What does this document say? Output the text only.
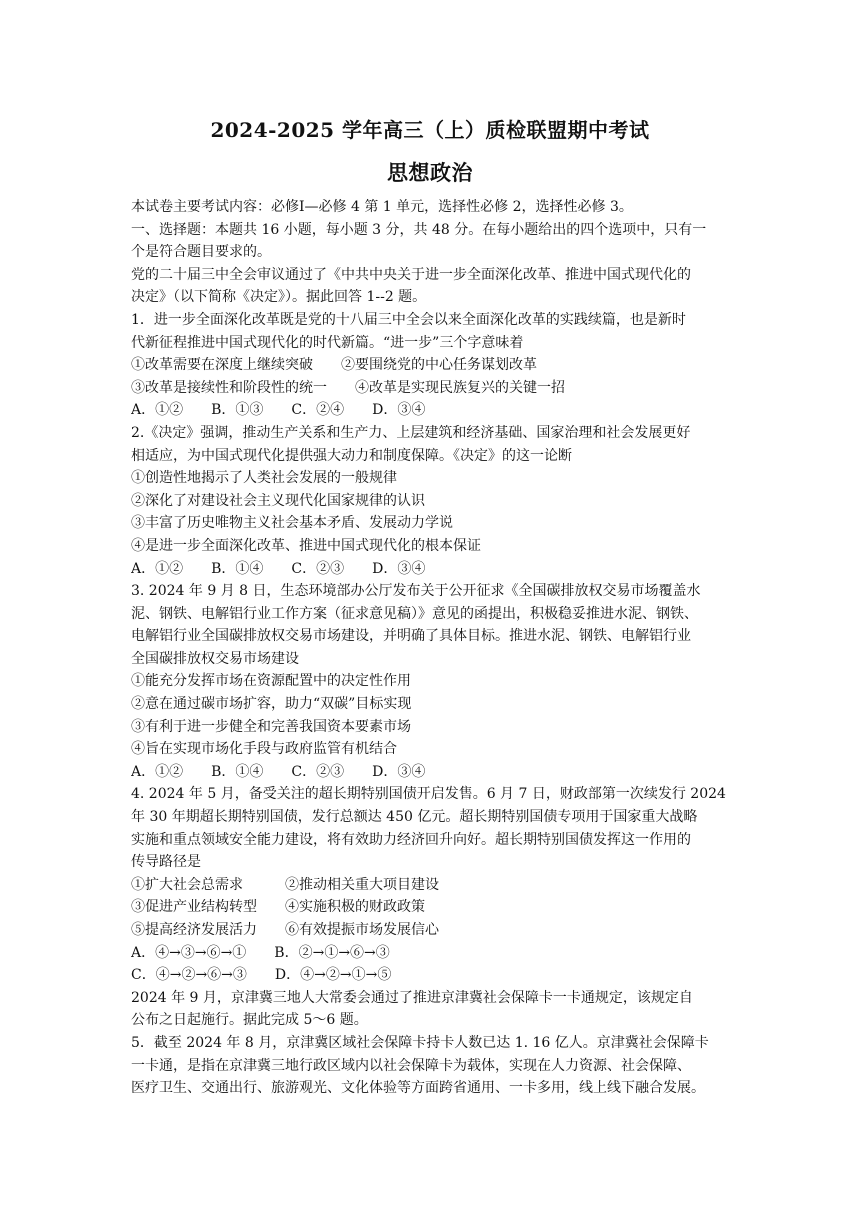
2024-2025 学年高三（上）质检联盟期中考试
思想政治
本试卷主要考试内容：必修Ⅰ—必修 4 第 1 单元，选择性必修 2，选择性必修 3。
一、选择题：本题共 16 小题，每小题 3 分，共 48 分。在每小题给出的四个选项中，只有一
个是符合题目要求的。
党的二十届三中全会审议通过了《中共中央关于进一步全面深化改革、推进中国式现代化的
决定》（以下简称《决定》）。据此回答 1--2 题。
1．进一步全面深化改革既是党的十八届三中全会以来全面深化改革的实践续篇，也是新时
代新征程推进中国式现代化的时代新篇。“进一步”三个字意味着
①改革需要在深度上继续突破　　②要围绕党的中心任务谋划改革
③改革是接续性和阶段性的统一　　④改革是实现民族复兴的关键一招
A．①②　　B．①③　　C．②④　　D．③④
2.《决定》强调，推动生产关系和生产力、上层建筑和经济基础、国家治理和社会发展更好
相适应，为中国式现代化提供强大动力和制度保障。《决定》的这一论断
①创造性地揭示了人类社会发展的一般规律
②深化了对建设社会主义现代化国家规律的认识
③丰富了历史唯物主义社会基本矛盾、发展动力学说
④是进一步全面深化改革、推进中国式现代化的根本保证
A．①②　　B．①④　　C．②③　　D．③④
3. 2024 年 9 月 8 日，生态环境部办公厅发布关于公开征求《全国碳排放权交易市场覆盖水
泥、钢铁、电解铝行业工作方案（征求意见稿）》意见的函提出，积极稳妥推进水泥、钢铁、
电解铝行业全国碳排放权交易市场建设，并明确了具体目标。推进水泥、钢铁、电解铝行业
全国碳排放权交易市场建设
①能充分发挥市场在资源配置中的决定性作用
②意在通过碳市场扩容，助力“双碳”目标实现
③有利于进一步健全和完善我国资本要素市场
④旨在实现市场化手段与政府监管有机结合
A．①②　　B．①④　　C．②③　　D．③④
4. 2024 年 5 月，备受关注的超长期特别国债开启发售。6 月 7 日，财政部第一次续发行 2024
年 30 年期超长期特别国债，发行总额达 450 亿元。超长期特别国债专项用于国家重大战略
实施和重点领域安全能力建设，将有效助力经济回升向好。超长期特别国债发挥这一作用的
传导路径是
①扩大社会总需求　　　②推动相关重大项目建设
③促进产业结构转型　　④实施积极的财政政策
⑤提高经济发展活力　　⑥有效提振市场发展信心
A．④→③→⑥→①　　B．②→①→⑥→③
C．④→②→⑥→③　　D．④→②→①→⑤
2024 年 9 月，京津冀三地人大常委会通过了推进京津冀社会保障卡一卡通规定，该规定自
公布之日起施行。据此完成 5～6 题。
5．截至 2024 年 8 月，京津冀区域社会保障卡持卡人数已达 1. 16 亿人。京津冀社会保障卡
一卡通，是指在京津冀三地行政区域内以社会保障卡为载体，实现在人力资源、社会保障、
医疗卫生、交通出行、旅游观光、文化体验等方面跨省通用、一卡多用，线上线下融合发展。
